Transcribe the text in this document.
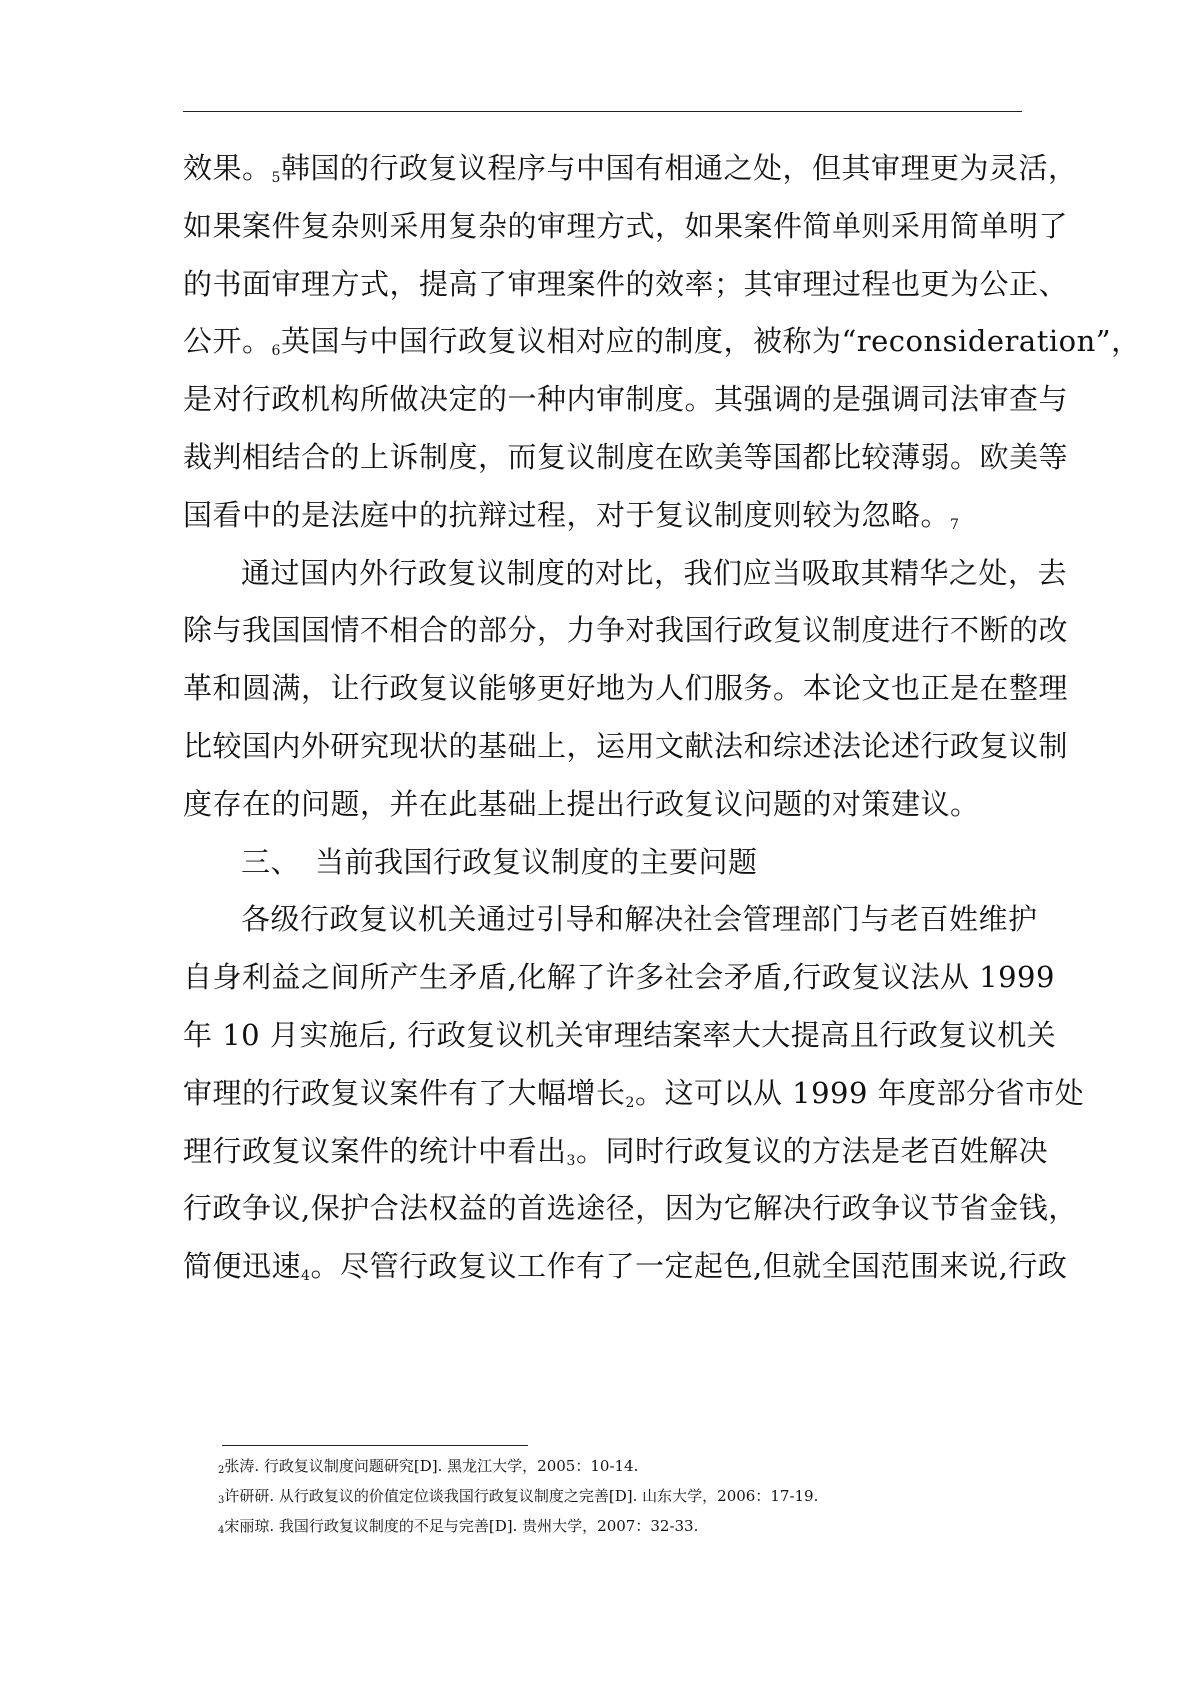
效果。$_5$韩国的行政复议程序与中国有相通之处，但其审理更为灵活，
如果案件复杂则采用复杂的审理方式，如果案件简单则采用简单明了
的书面审理方式，提高了审理案件的效率；其审理过程也更为公正、
公开。$_6$英国与中国行政复议相对应的制度，被称为“reconsideration”，
是对行政机构所做决定的一种内审制度。其强调的是强调司法审查与
裁判相结合的上诉制度，而复议制度在欧美等国都比较薄弱。欧美等
国看中的是法庭中的抗辩过程，对于复议制度则较为忽略。$_7$
通过国内外行政复议制度的对比，我们应当吸取其精华之处，去
除与我国国情不相合的部分，力争对我国行政复议制度进行不断的改
革和圆满，让行政复议能够更好地为人们服务。本论文也正是在整理
比较国内外研究现状的基础上，运用文献法和综述法论述行政复议制
度存在的问题，并在此基础上提出行政复议问题的对策建议。
三、　当前我国行政复议制度的主要问题
各级行政复议机关通过引导和解决社会管理部门与老百姓维护
自身利益之间所产生矛盾,化解了许多社会矛盾,行政复议法从 1999
年 10 月实施后, 行政复议机关审理结案率大大提高且行政复议机关
审理的行政复议案件有了大幅增长$_2$。这可以从 1999 年度部分省市处
理行政复议案件的统计中看出$_3$。同时行政复议的方法是老百姓解决
行政争议,保护合法权益的首选途径，因为它解决行政争议节省金钱，
简便迅速$_4$。尽管行政复议工作有了一定起色,但就全国范围来说,行政
2张涛. 行政复议制度问题研究[D]. 黑龙江大学，2005：10-14.
3许研研. 从行政复议的价值定位谈我国行政复议制度之完善[D]. 山东大学，2006：17-19.
4宋丽琼. 我国行政复议制度的不足与完善[D]. 贵州大学，2007：32-33.
